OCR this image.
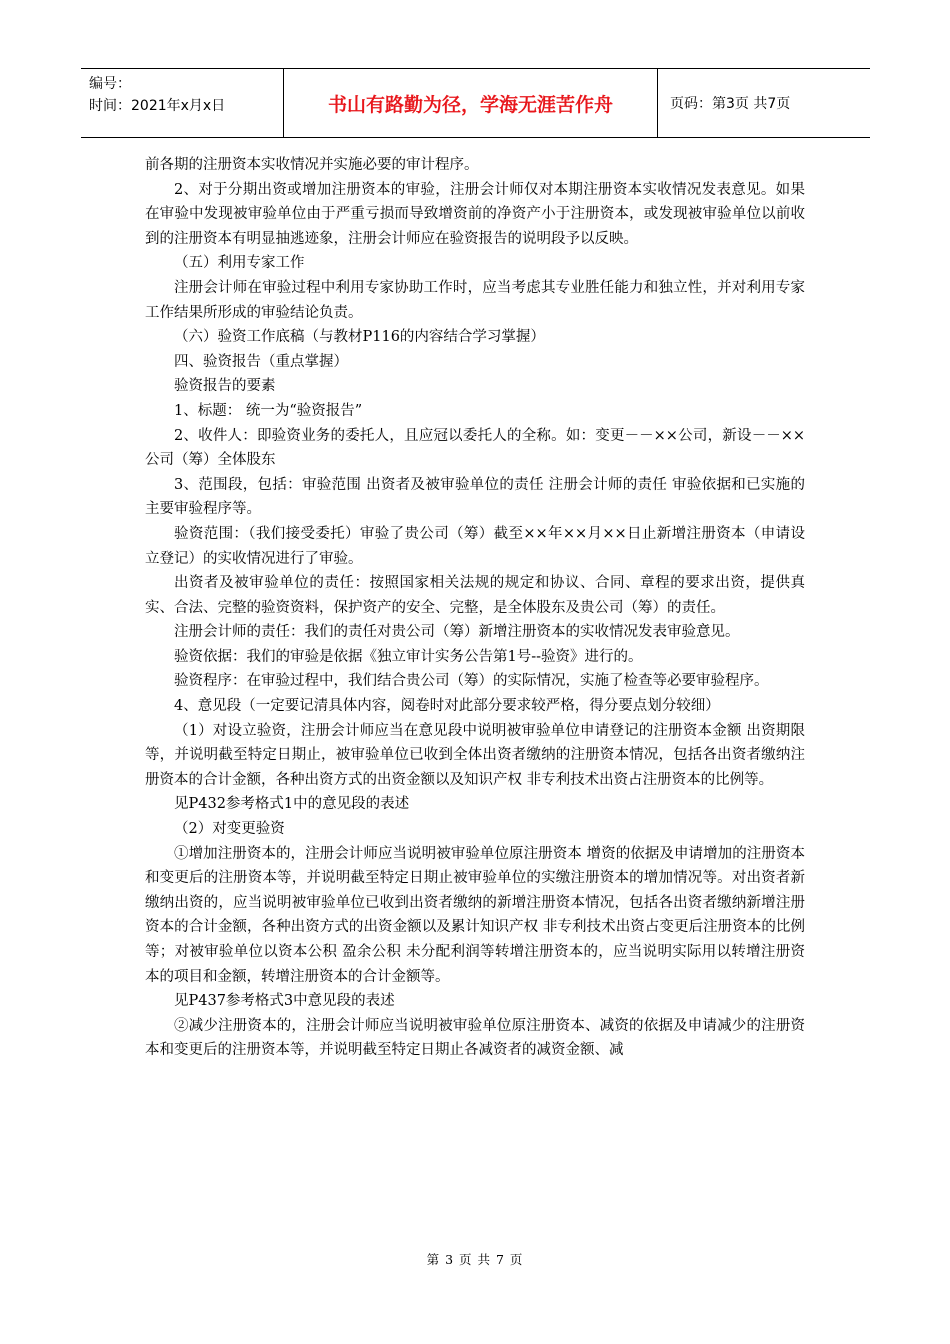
编号：
时间：2021年x月x日	书山有路勤为径，学海无涯苦作舟	页码：第3页 共7页

前各期的注册资本实收情况并实施必要的审计程序。

2、对于分期出资或增加注册资本的审验，注册会计师仅对本期注册资本实收情况发表意见。如果在审验中发现被审验单位由于严重亏损而导致增资前的净资产小于注册资本，或发现被审验单位以前收到的注册资本有明显抽逃迹象，注册会计师应在验资报告的说明段予以反映。

（五）利用专家工作

注册会计师在审验过程中利用专家协助工作时，应当考虑其专业胜任能力和独立性，并对利用专家工作结果所形成的审验结论负责。

（六）验资工作底稿（与教材P116的内容结合学习掌握）

四、验资报告（重点掌握）

验资报告的要素

1、标题： 统一为“验资报告”

2、收件人：即验资业务的委托人，且应冠以委托人的全称。如：变更－－××公司，新设－－××公司（筹）全体股东

3、范围段，包括：审验范围 出资者及被审验单位的责任 注册会计师的责任 审验依据和已实施的主要审验程序等。

验资范围：（我们接受委托）审验了贵公司（筹）截至××年××月××日止新增注册资本（申请设立登记）的实收情况进行了审验。

出资者及被审验单位的责任：按照国家相关法规的规定和协议、合同、章程的要求出资，提供真实、合法、完整的验资资料，保护资产的安全、完整，是全体股东及贵公司（筹）的责任。

注册会计师的责任：我们的责任对贵公司（筹）新增注册资本的实收情况发表审验意见。

验资依据：我们的审验是依据《独立审计实务公告第1号--验资》进行的。

验资程序：在审验过程中，我们结合贵公司（筹）的实际情况，实施了检查等必要审验程序。

4、意见段（一定要记清具体内容，阅卷时对此部分要求较严格，得分要点划分较细）

（1）对设立验资，注册会计师应当在意见段中说明被审验单位申请登记的注册资本金额 出资期限等，并说明截至特定日期止，被审验单位已收到全体出资者缴纳的注册资本情况，包括各出资者缴纳注册资本的合计金额，各种出资方式的出资金额以及知识产权 非专利技术出资占注册资本的比例等。

见P432参考格式1中的意见段的表述

（2）对变更验资

①增加注册资本的，注册会计师应当说明被审验单位原注册资本 增资的依据及申请增加的注册资本和变更后的注册资本等，并说明截至特定日期止被审验单位的实缴注册资本的增加情况等。对出资者新缴纳出资的，应当说明被审验单位已收到出资者缴纳的新增注册资本情况，包括各出资者缴纳新增注册资本的合计金额，各种出资方式的出资金额以及累计知识产权 非专利技术出资占变更后注册资本的比例等；对被审验单位以资本公积 盈余公积 未分配利润等转增注册资本的，应当说明实际用以转增注册资本的项目和金额，转增注册资本的合计金额等。

见P437参考格式3中意见段的表述

②减少注册资本的，注册会计师应当说明被审验单位原注册资本、减资的依据及申请减少的注册资本和变更后的注册资本等，并说明截至特定日期止各减资者的减资金额、减

第 3 页 共 7 页
